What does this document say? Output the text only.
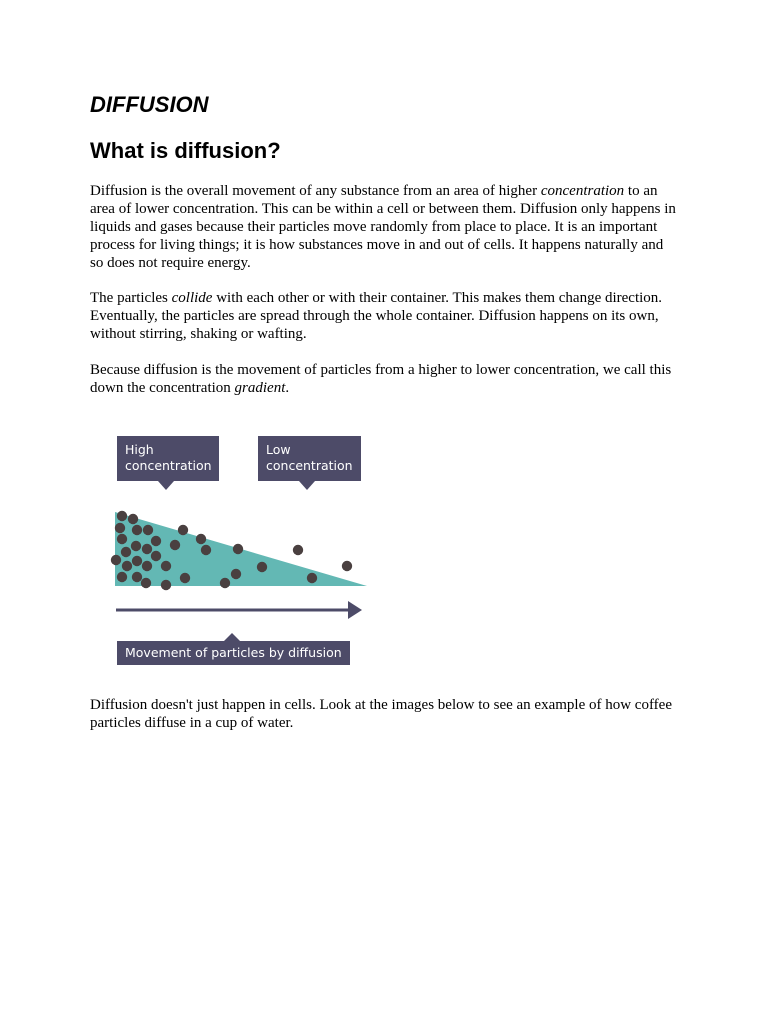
DIFFUSION
What is diffusion?

Diffusion is the overall movement of any substance from an area of higher concentration to an area of lower concentration. This can be within a cell or between them. Diffusion only happens in liquids and gases because their particles move randomly from place to place. It is an important process for living things; it is how substances move in and out of cells. It happens naturally and so does not require energy.

The particles collide with each other or with their container. This makes them change direction. Eventually, the particles are spread through the whole container. Diffusion happens on its own, without stirring, shaking or wafting.

Because diffusion is the movement of particles from a higher to lower concentration, we call this down the concentration gradient.

High
concentration
Low
concentration
Movement of particles by diffusion

Diffusion doesn't just happen in cells. Look at the images below to see an example of how coffee particles diffuse in a cup of water.
